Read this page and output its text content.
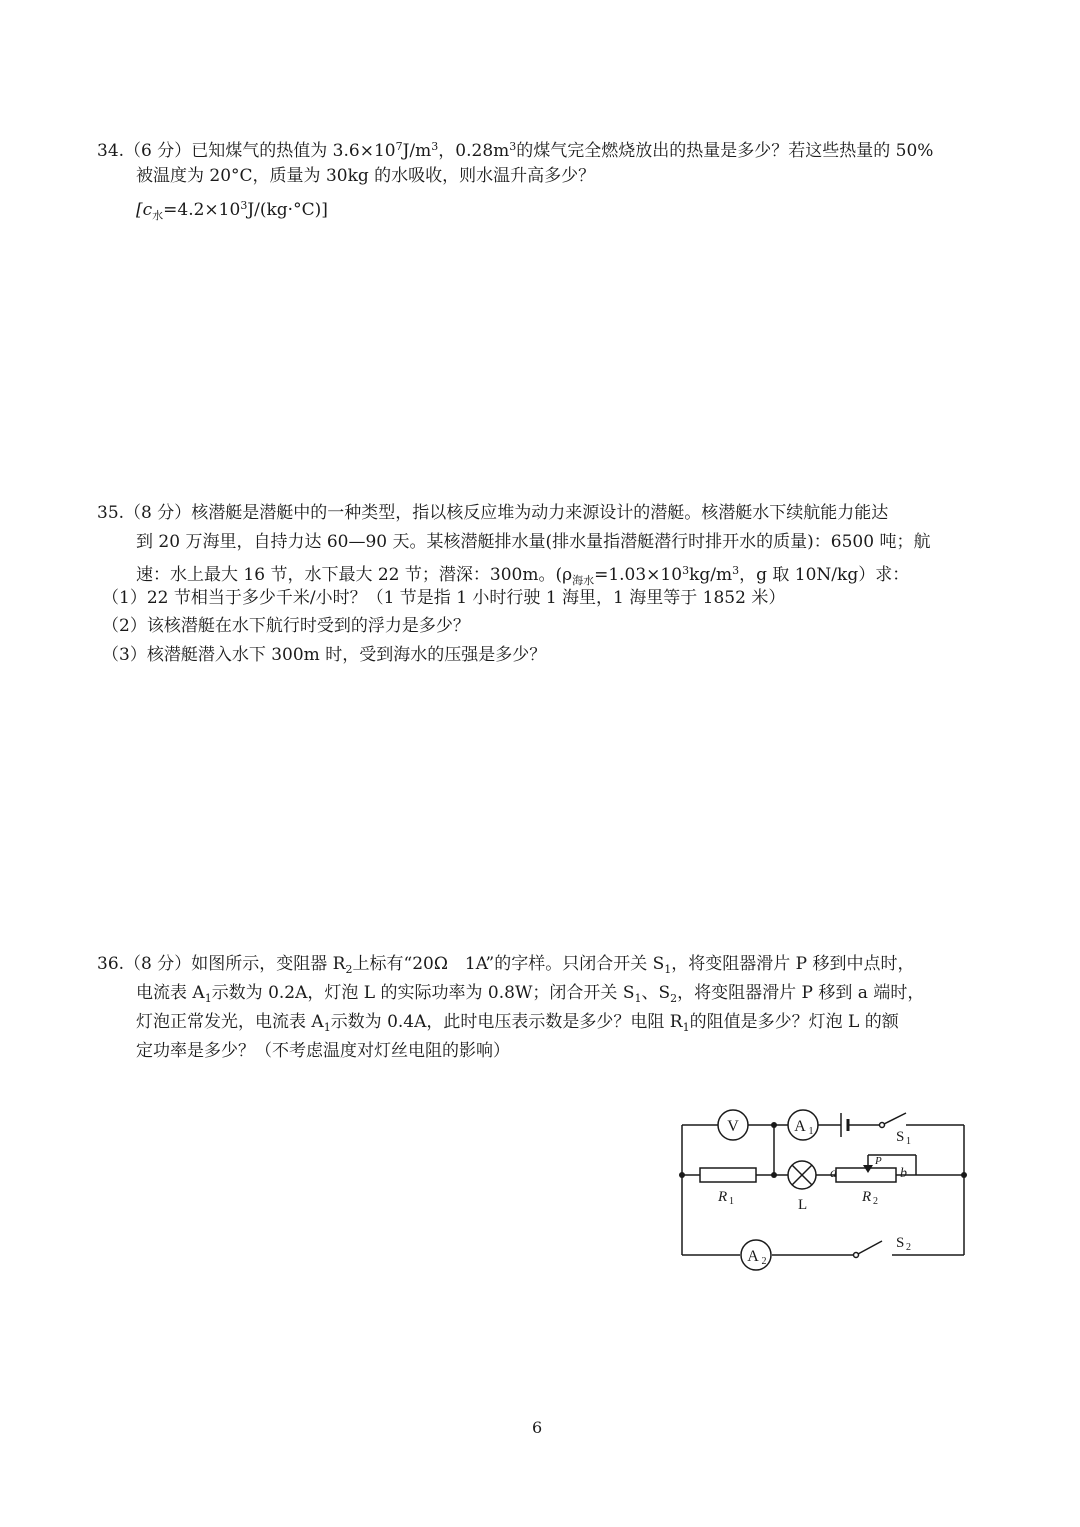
34.（6 分）已知煤气的热值为 $3.6\times 10^7J/m^3$，$0.28m^3$的煤气完全燃烧放出的热量是多少？若这些热量的 50%
被温度为 20°C，质量为 30kg 的水吸收，则水温升高多少？
$[c_水=4.2\times 10^3J/(kg\cdot^\circ C)]$
35.（8 分）核潜艇是潜艇中的一种类型，指以核反应堆为动力来源设计的潜艇。核潜艇水下续航能力能达
到 20 万海里，自持力达 60—90 天。某核潜艇排水量(排水量指潜艇潜行时排开水的质量)：6500 吨；航
速：水上最大 16 节，水下最大 22 节；潜深：300m。($\rho_{海水}=1.03\times 10^3kg/m^3$，g 取 10N/kg）求：
（1）22 节相当于多少千米/小时？（1 节是指 1 小时行驶 1 海里，1 海里等于 1852 米）
（2）该核潜艇在水下航行时受到的浮力是多少？
（3）核潜艇潜入水下 300m 时，受到海水的压强是多少？
36.（8 分）如图所示，变阻器 $R_2$上标有“20Ω　1A”的字样。只闭合开关 $S_1$，将变阻器滑片 P 移到中点时，
电流表 $A_1$示数为 0.2A，灯泡 L 的实际功率为 0.8W；闭合开关 $S_1$、$S_2$，将变阻器滑片 P 移到 a 端时，
灯泡正常发光，电流表 $A_1$示数为 0.4A，此时电压表示数是多少？电阻 $R_1$的阻值是多少？灯泡 L 的额
定功率是多少？（不考虑温度对灯丝电阻的影响）
V	A 1	S 1
R 1	L
P
a	b
R 2
A 2
S 2
6
